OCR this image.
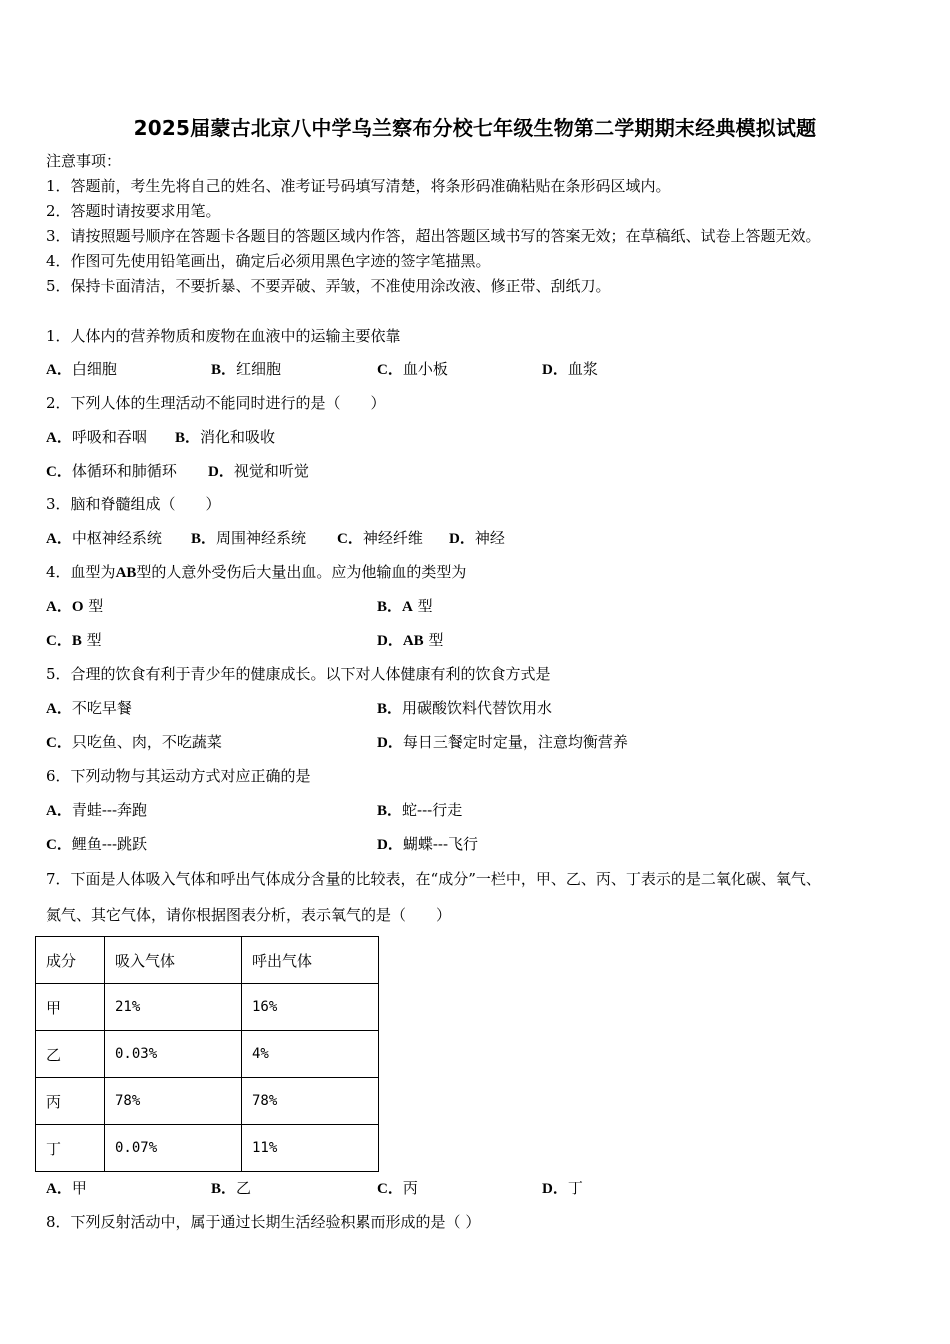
2025届蒙古北京八中学乌兰察布分校七年级生物第二学期期末经典模拟试题
注意事项：
1．答题前，考生先将自己的姓名、准考证号码填写清楚，将条形码准确粘贴在条形码区域内。
2．答题时请按要求用笔。
3．请按照题号顺序在答题卡各题目的答题区域内作答，超出答题区域书写的答案无效；在草稿纸、试卷上答题无效。
4．作图可先使用铅笔画出，确定后必须用黑色字迹的签字笔描黑。
5．保持卡面清洁，不要折暴、不要弄破、弄皱，不准使用涂改液、修正带、刮纸刀。
1．人体内的营养物质和废物在血液中的运输主要依靠
A．白细胞	B．红细胞	C．血小板	D．血浆
2．下列人体的生理活动不能同时进行的是（　　）
A．呼吸和吞咽 B．消化和吸收
C．体循环和肺循环 D．视觉和听觉
3．脑和脊髓组成（　　）
A．中枢神经系统 B．周围神经系统 C．神经纤维 D．神经
4．血型为AB型的人意外受伤后大量出血。应为他输血的类型为
A．O 型	B．A 型
C．B 型	D．AB 型
5．合理的饮食有利于青少年的健康成长。以下对人体健康有利的饮食方式是
A．不吃早餐	B．用碳酸饮料代替饮用水
C．只吃鱼、肉，不吃蔬菜	D．每日三餐定时定量，注意均衡营养
6．下列动物与其运动方式对应正确的是
A．青蛙---奔跑	B．蛇---行走
C．鲤鱼---跳跃	D．蝴蝶---飞行
7．下面是人体吸入气体和呼出气体成分含量的比较表，在“成分”一栏中，甲、乙、丙、丁表示的是二氧化碳、氧气、
氮气、其它气体，请你根据图表分析，表示氧气的是（　　）
成分	吸入气体	呼出气体
甲	21%	16%
乙	0.03%	4%
丙	78%	78%
丁	0.07%	11%
A．甲	B．乙	C．丙	D．丁
8．下列反射活动中，属于通过长期生活经验积累而形成的是（ ）
